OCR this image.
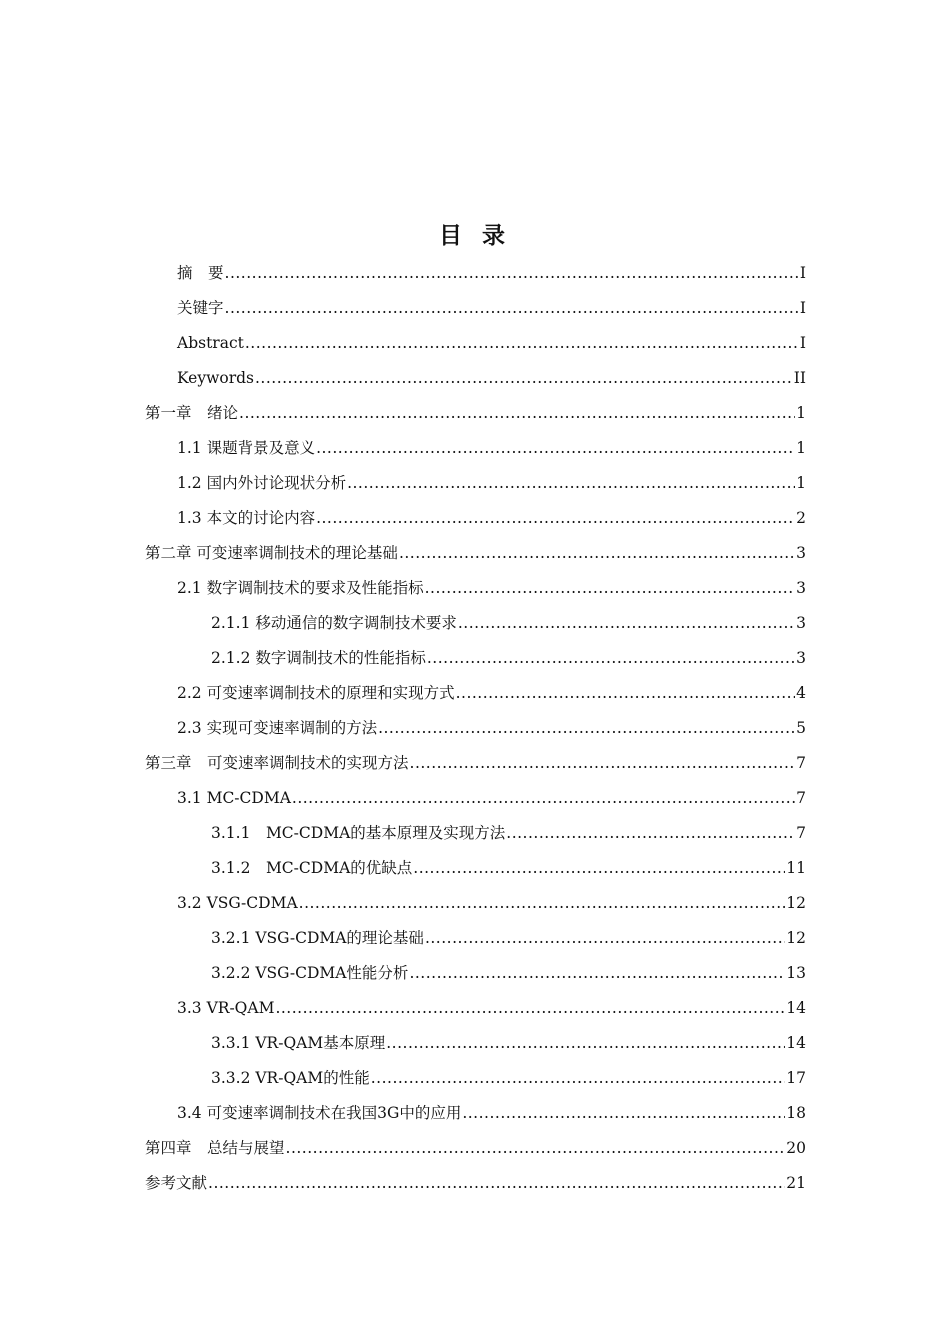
目 录
摘　要 .....	I
关键字 .....	I
Abstract .....	I
Keywords .....	II
第一章　绪论 .....	1
1.1 课题背景及意义 .....	1
1.2 国内外讨论现状分析 .....	1
1.3 本文的讨论内容 .....	2
第二章 可变速率调制技术的理论基础 .....	3
2.1 数字调制技术的要求及性能指标 .....	3
2.1.1 移动通信的数字调制技术要求 .....	3
2.1.2 数字调制技术的性能指标 .....	3
2.2 可变速率调制技术的原理和实现方式 .....	4
2.3 实现可变速率调制的方法 .....	5
第三章　可变速率调制技术的实现方法 .....	7
3.1 MC-CDMA .....	7
3.1.1　MC-CDMA的基本原理及实现方法 .....	7
3.1.2　MC-CDMA的优缺点 .....	11
3.2 VSG-CDMA .....	12
3.2.1 VSG-CDMA的理论基础 .....	12
3.2.2 VSG-CDMA性能分析 .....	13
3.3 VR-QAM .....	14
3.3.1 VR-QAM基本原理 .....	14
3.3.2 VR-QAM的性能 .....	17
3.4 可变速率调制技术在我国3G中的应用 .....	18
第四章　总结与展望 .....	20
参考文献 .....	21
